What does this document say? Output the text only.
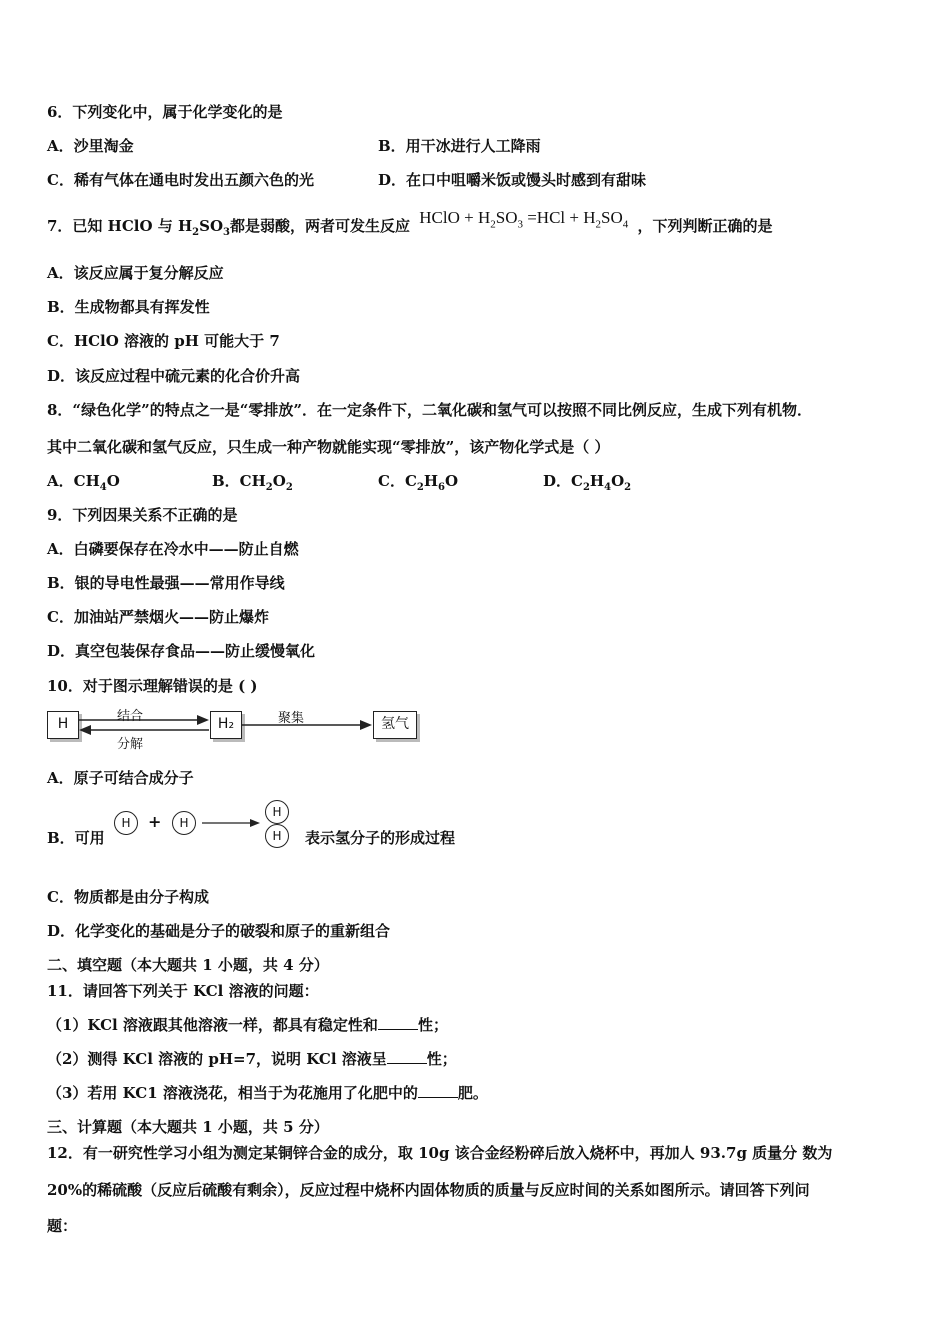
6．下列变化中，属于化学变化的是
A．沙里淘金	B．用干冰进行人工降雨
C．稀有气体在通电时发出五颜六色的光	D．在口中咀嚼米饭或馒头时感到有甜味
7．已知 HClO 与 $H_2SO_3$都是弱酸，两者可发生反应 HClO + $H_2SO_3 =HCl + H_2SO_4$ ，下列判断正确的是
A．该反应属于复分解反应
B．生成物都具有挥发性
C．HClO 溶液的 pH 可能大于 7
D．该反应过程中硫元素的化合价升高
8．“绿色化学”的特点之一是“零排放”．在一定条件下，二氧化碳和氢气可以按照不同比例反应，生成下列有机物．
其中二氧化碳和氢气反应，只生成一种产物就能实现“零排放”，该产物化学式是（ ）
A．$CH_4O$	B．$CH_2O_2$	C．$C_2H_6O$	D．$C_2H_4O_2$
9．下列因果关系不正确的是
A．白磷要保存在冷水中——防止自燃
B．银的导电性最强——常用作导线
C．加油站严禁烟火——防止爆炸
D．真空包装保存食品——防止缓慢氧化
10．对于图示理解错误的是 ( )
H	H₂	氢气
结合
分解
聚集
A．原子可结合成分子
B．可用
H	+	H
H
H	表示氢分子的形成过程
C．物质都是由分子构成
D．化学变化的基础是分子的破裂和原子的重新组合
二、填空题（本大题共 1 小题，共 4 分）
11．请回答下列关于 KCl 溶液的问题：
（1）KCl 溶液跟其他溶液一样，都具有稳定性和	性；
（2）测得 KCl 溶液的 pH=7，说明 KCl 溶液呈	性；
（3）若用 KC1 溶液浇花，相当于为花施用了化肥中的	肥。
三、计算题（本大题共 1 小题，共 5 分）
12．有一研究性学习小组为测定某铜锌合金的成分，取 10g 该合金经粉碎后放入烧杯中，再加人 93.7g 质量分 数为
20%的稀硫酸（反应后硫酸有剩余），反应过程中烧杯内固体物质的质量与反应时间的关系如图所示。请回答下列问
题：
